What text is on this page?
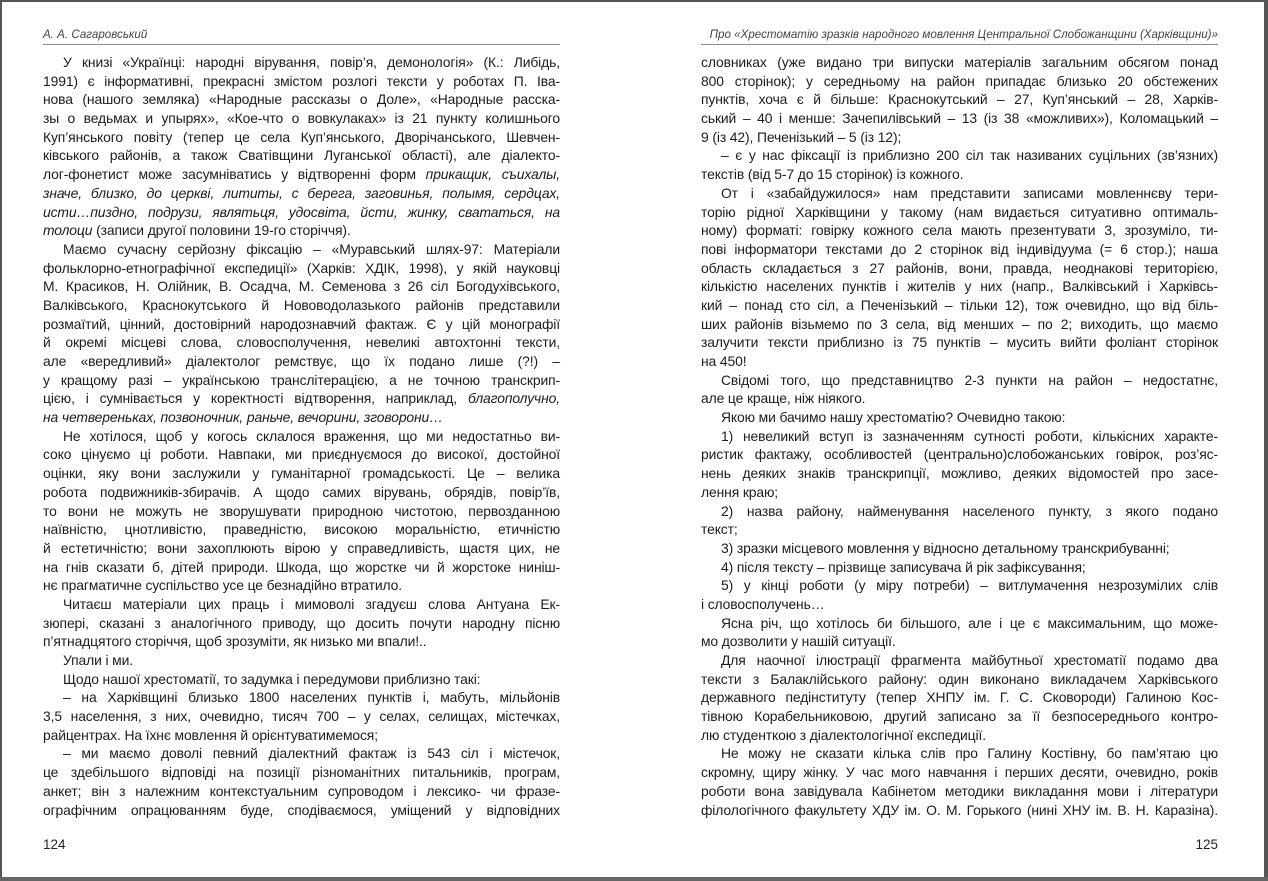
А. А. Сагаровський
У книзі «Українці: народні вірування, повір’я, демонологія» (К.: Либідь,
1991) є інформативні, прекрасні змістом розлогі тексти у роботах П. Іва-
нова (нашого земляка) «Народные рассказы о Доле», «Народные расска-
зы о ведьмах и упырях», «Кое-что о вовкулаках» із 21 пункту колишнього
Куп’янського повіту (тепер це села Куп’янського, Дворічанського, Шевчен-
ківського районів, а також Сватівщини Луганської області), але діалекто-
лог-фонетист може засумніватись у відтворенні форм прикащик, съихалы,
значе, близко, до церкві, лититы, с берега, заговинья, полымя, сердцах,
исти…пиздно, подрузи, являтьця, удосвіта, йсти, жинку, свататься, на
толоци (записи другої половини 19-го сторіччя).
Маємо сучасну серйозну фіксацію – «Муравський шлях-97: Матеріали
фольклорно-етнографічної експедиції» (Харків: ХДІК, 1998), у якій науковці
М. Красиков, Н. Олійник, В. Осадча, М. Семенова з 26 сіл Богодухівського,
Валківського, Краснокутського й Нововодолазького районів представили
розмаїтий, цінний, достовірний народознавчий фактаж. Є у цій монографії
й окремі місцеві слова, словосполучення, невеликі автохтонні тексти,
але «вередливий» діалектолог ремствує, що їх подано лише (?!) –
у кращому разі – українською транслітерацією, а не точною транскрип-
цією, і сумнівається у коректності відтворення, наприклад, благополучно,
на четвереньках, позвоночник, раньче, вечорини, зговорони…
Не хотілося, щоб у когось склалося враження, що ми недостатньо ви-
соко цінуємо ці роботи. Навпаки, ми приєднуємося до високої, достойної
оцінки, яку вони заслужили у гуманітарної громадськості. Це – велика
робота подвижників-збирачів. А щодо самих вірувань, обрядів, повір’їв,
то вони не можуть не зворушувати природною чистотою, первозданною
наївністю, цнотливістю, праведністю, високою моральністю, етичністю
й естетичністю; вони захоплюють вірою у справедливість, щастя цих, не
на гнів сказати б, дітей природи. Шкода, що жорстке чи й жорстоке ниніш-
нє прагматичне суспільство усе це безнадійно втратило.
Читаєш матеріали цих праць і мимоволі згадуєш слова Антуана Ек-
зюпері, сказані з аналогічного приводу, що досить почути народну пісню
п’ятнадцятого сторіччя, щоб зрозуміти, як низько ми впали!..
Упали і ми.
Щодо нашої хрестоматії, то задумка і передумови приблизно такі:
– на Харківщині близько 1800 населених пунктів і, мабуть, мільйонів
3,5 населення, з них, очевидно, тисяч 700 – у селах, селищах, містечках,
райцентрах. На їхнє мовлення й орієнтуватимемося;
– ми маємо доволі певний діалектний фактаж із 543 сіл і містечок,
це здебільшого відповіді на позиції різноманітних питальників, програм,
анкет; він з належним контекстуальним супроводом і лексико- чи фразе-
ографічним опрацюванням буде, сподіваємося, уміщений у відповідних
124
Про «Хрестоматію зразків народного мовлення Центральної Слобожанщини (Харківщини)»
словниках (уже видано три випуски матеріалів загальним обсягом понад
800 сторінок); у середньому на район припадає близько 20 обстежених
пунктів, хоча є й більше: Краснокутський – 27, Куп’янський – 28, Харків-
ський – 40 і менше: Зачепилівський – 13 (із 38 «можливих»), Коломацький –
9 (із 42), Печенізький – 5 (із 12);
– є у нас фіксації із приблизно 200 сіл так називаних суцільних (зв’язних)
текстів (від 5-7 до 15 сторінок) із кожного.
От і «забайдужилося» нам представити записами мовленнєву тери-
торію рідної Харківщини у такому (нам видається ситуативно оптималь-
ному) форматі: говірку кожного села мають презентувати 3, зрозуміло, ти-
пові інформатори текстами до 2 сторінок від індивідуума (= 6 стор.); наша
область складається з 27 районів, вони, правда, неоднакові територією,
кількістю населених пунктів і жителів у них (напр., Валківський і Харківсь-
кий – понад сто сіл, а Печенізький – тільки 12), тож очевидно, що від біль-
ших районів візьмемо по 3 села, від менших – по 2; виходить, що маємо
залучити тексти приблизно із 75 пунктів – мусить вийти фоліант сторінок
на 450!
Свідомі того, що представництво 2-3 пункти на район – недостатнє,
але це краще, ніж ніякого.
Якою ми бачимо нашу хрестоматію? Очевидно такою:
1) невеликий вступ із зазначенням сутності роботи, кількісних характе-
ристик фактажу, особливостей (центрально)слобожанських говірок, роз’яс-
нень деяких знаків транскрипції, можливо, деяких відомостей про засе-
лення краю;
2) назва району, найменування населеного пункту, з якого подано
текст;
3) зразки місцевого мовлення у відносно детальному транскрибуванні;
4) після тексту – прізвище записувача й рік зафіксування;
5) у кінці роботи (у міру потреби) – витлумачення незрозумілих слів
і словосполучень…
Ясна річ, що хотілось би більшого, але і це є максимальним, що може-
мо дозволити у нашій ситуації.
Для наочної ілюстрації фрагмента майбутньої хрестоматії подамо два
тексти з Балаклійського району: один виконано викладачем Харківського
державного педінституту (тепер ХНПУ ім. Г. С. Сковороди) Галиною Кос-
тівною Корабельниковою, другий записано за її безпосереднього контро-
лю студенткою з діалектологічної експедиції.
Не можу не сказати кілька слів про Галину Костівну, бо пам’ятаю цю
скромну, щиру жінку. У час мого навчання і перших десяти, очевидно, років
роботи вона завідувала Кабінетом методики викладання мови і літератури
філологічного факультету ХДУ ім. О. М. Горького (нині ХНУ ім. В. Н. Каразіна).
125
